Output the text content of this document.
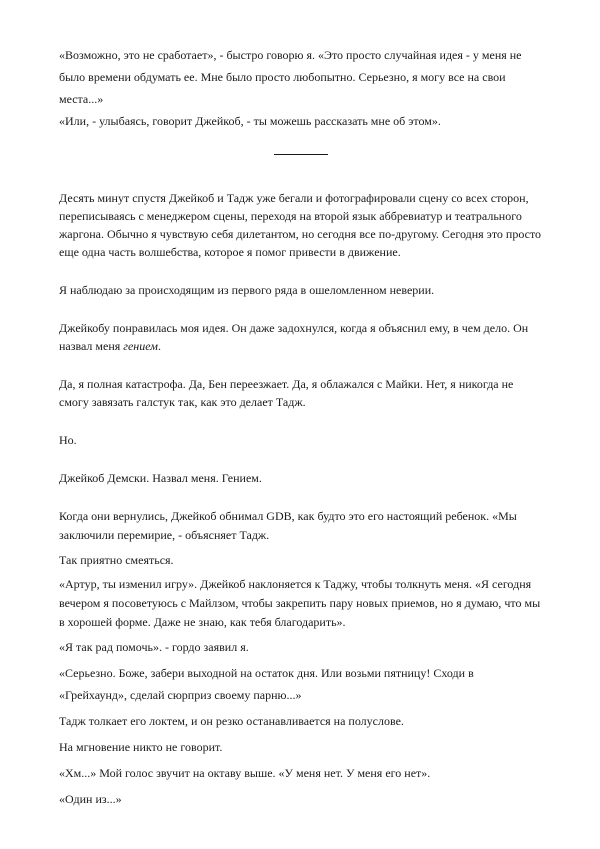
«Возможно, это не сработает», - быстро говорю я. «Это просто случайная идея - у меня не было времени обдумать ее. Мне было просто любопытно. Серьезно, я могу все на свои места...»

«Или, - улыбаясь, говорит Джейкоб, - ты можешь рассказать мне об этом».

Десять минут спустя Джейкоб и Тадж уже бегали и фотографировали сцену со всех сторон, переписываясь с менеджером сцены, переходя на второй язык аббревиатур и театрального жаргона. Обычно я чувствую себя дилетантом, но сегодня все по-другому. Сегодня это просто еще одна часть волшебства, которое я помог привести в движение.

Я наблюдаю за происходящим из первого ряда в ошеломленном неверии.

Джейкобу понравилась моя идея. Он даже задохнулся, когда я объяснил ему, в чем дело. Он назвал меня гением.

Да, я полная катастрофа. Да, Бен переезжает. Да, я облажался с Майки. Нет, я никогда не смогу завязать галстук так, как это делает Тадж.

Но.

Джейкоб Демски. Назвал меня. Гением.

Когда они вернулись, Джейкоб обнимал GDB, как будто это его настоящий ребенок. «Мы заключили перемирие, - объясняет Тадж.

Так приятно смеяться.

«Артур, ты изменил игру». Джейкоб наклоняется к Таджу, чтобы толкнуть меня. «Я сегодня вечером я посоветуюсь с Майлзом, чтобы закрепить пару новых приемов, но я думаю, что мы в хорошей форме. Даже не знаю, как тебя благодарить».

«Я так рад помочь». - гордо заявил я.

«Серьезно. Боже, забери выходной на остаток дня. Или возьми пятницу! Сходи в «Грейхаунд», сделай сюрприз своему парню...»

Тадж толкает его локтем, и он резко останавливается на полуслове.

На мгновение никто не говорит.

«Хм...» Мой голос звучит на октаву выше. «У меня нет. У меня его нет».

«Один из...»
